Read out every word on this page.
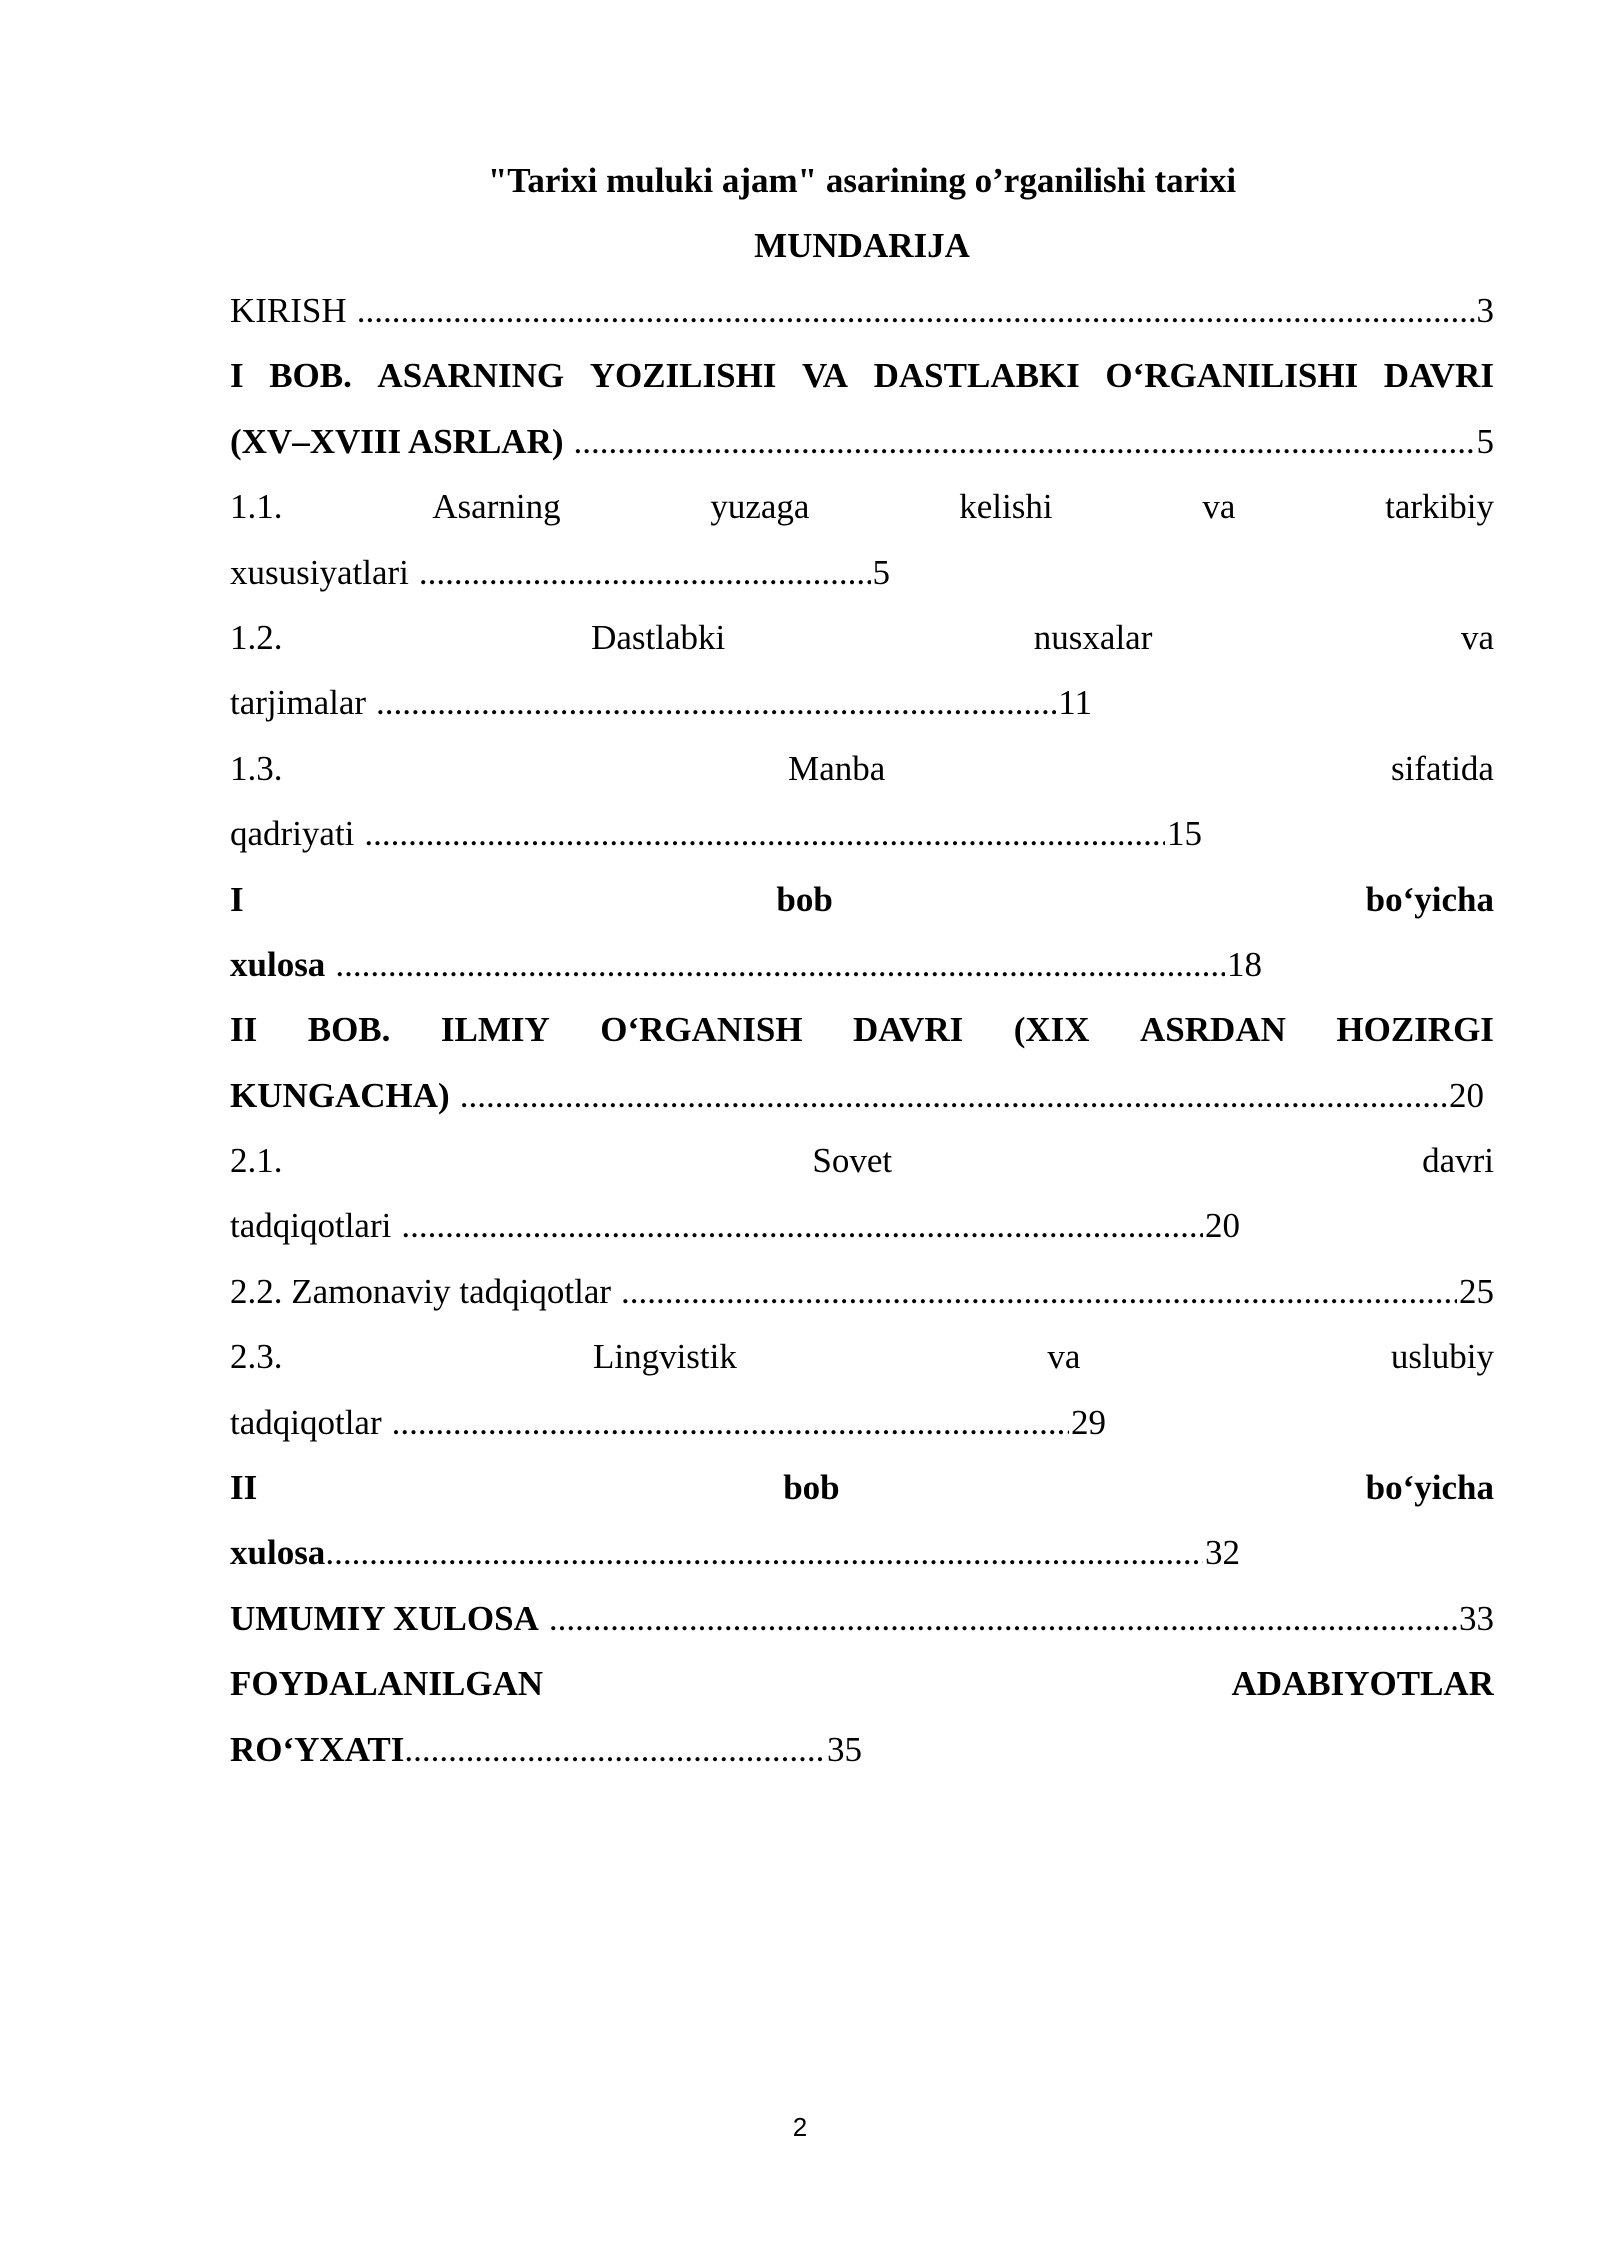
"Tarixi muluki ajam" asarining o’rganilishi tarixi
MUNDARIJA
KIRISH .....	3
I BOB. ASARNING YOZILISHI VA DASTLABKI O‘RGANILISHI DAVRI
(XV–XVIII ASRLAR) .....	5
1.1.	Asarning	yuzaga	kelishi	va	tarkibiy
xususiyatlari .....	5
1.2.	Dastlabki	nusxalar	va
tarjimalar .....	11
1.3.	Manba	sifatida
qadriyati .....	15
I	bob	bo‘yicha
xulosa .....	18
II BOB. ILMIY O‘RGANISH DAVRI (XIX ASRDAN HOZIRGI
KUNGACHA) .....	20
2.1.	Sovet	davri
tadqiqotlari .....	20
2.2. Zamonaviy tadqiqotlar .....	25
2.3.	Lingvistik	va	uslubiy
tadqiqotlar .....	29
II	bob	bo‘yicha
xulosa .....	32
UMUMIY XULOSA .....	33
FOYDALANILGAN	ADABIYOTLAR
RO‘YXATI .....	35
2
